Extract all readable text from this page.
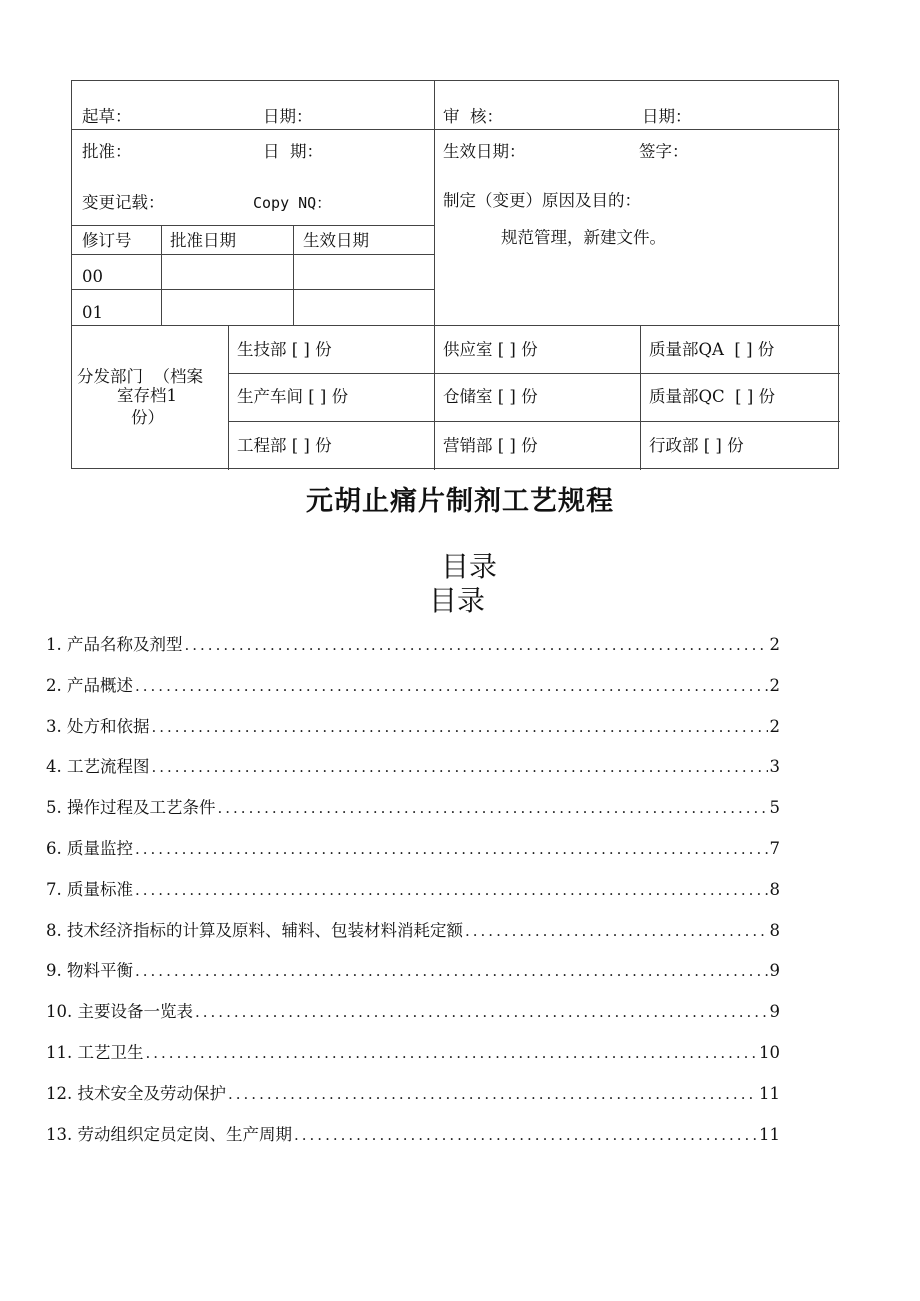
起草：	日期：	审  核：	日期：
批准：	日  期：	生效日期：	签字：
变更记载：	Copy NQ：	制定（变更）原因及目的：
规范管理，新建文件。
修订号 批准日期	生效日期
00
01
分发部门  （档案
室存档1
份）
生技部 [ ] 份	供应室 [ ] 份	质量部QA  [ ] 份
生产车间 [ ] 份	仓储室 [ ] 份	质量部QC  [ ] 份
工程部 [ ] 份	营销部 [ ] 份	行政部 [ ] 份
元胡止痛片制剂工艺规程
目录
目录
1. 产品名称及剂型 .....	2
2. 产品概述 .....	2
3. 处方和依据 .....	2
4. 工艺流程图 .....	3
5. 操作过程及工艺条件 .....	5
6. 质量监控 .....	7
7. 质量标准 .....	8
8. 技术经济指标的计算及原料、辅料、包装材料消耗定额 .....	8
9. 物料平衡 .....	9
10. 主要设备一览表 .....	9
11. 工艺卫生 .....	10
12. 技术安全及劳动保护 .....	11
13. 劳动组织定员定岗、生产周期 .....	11
